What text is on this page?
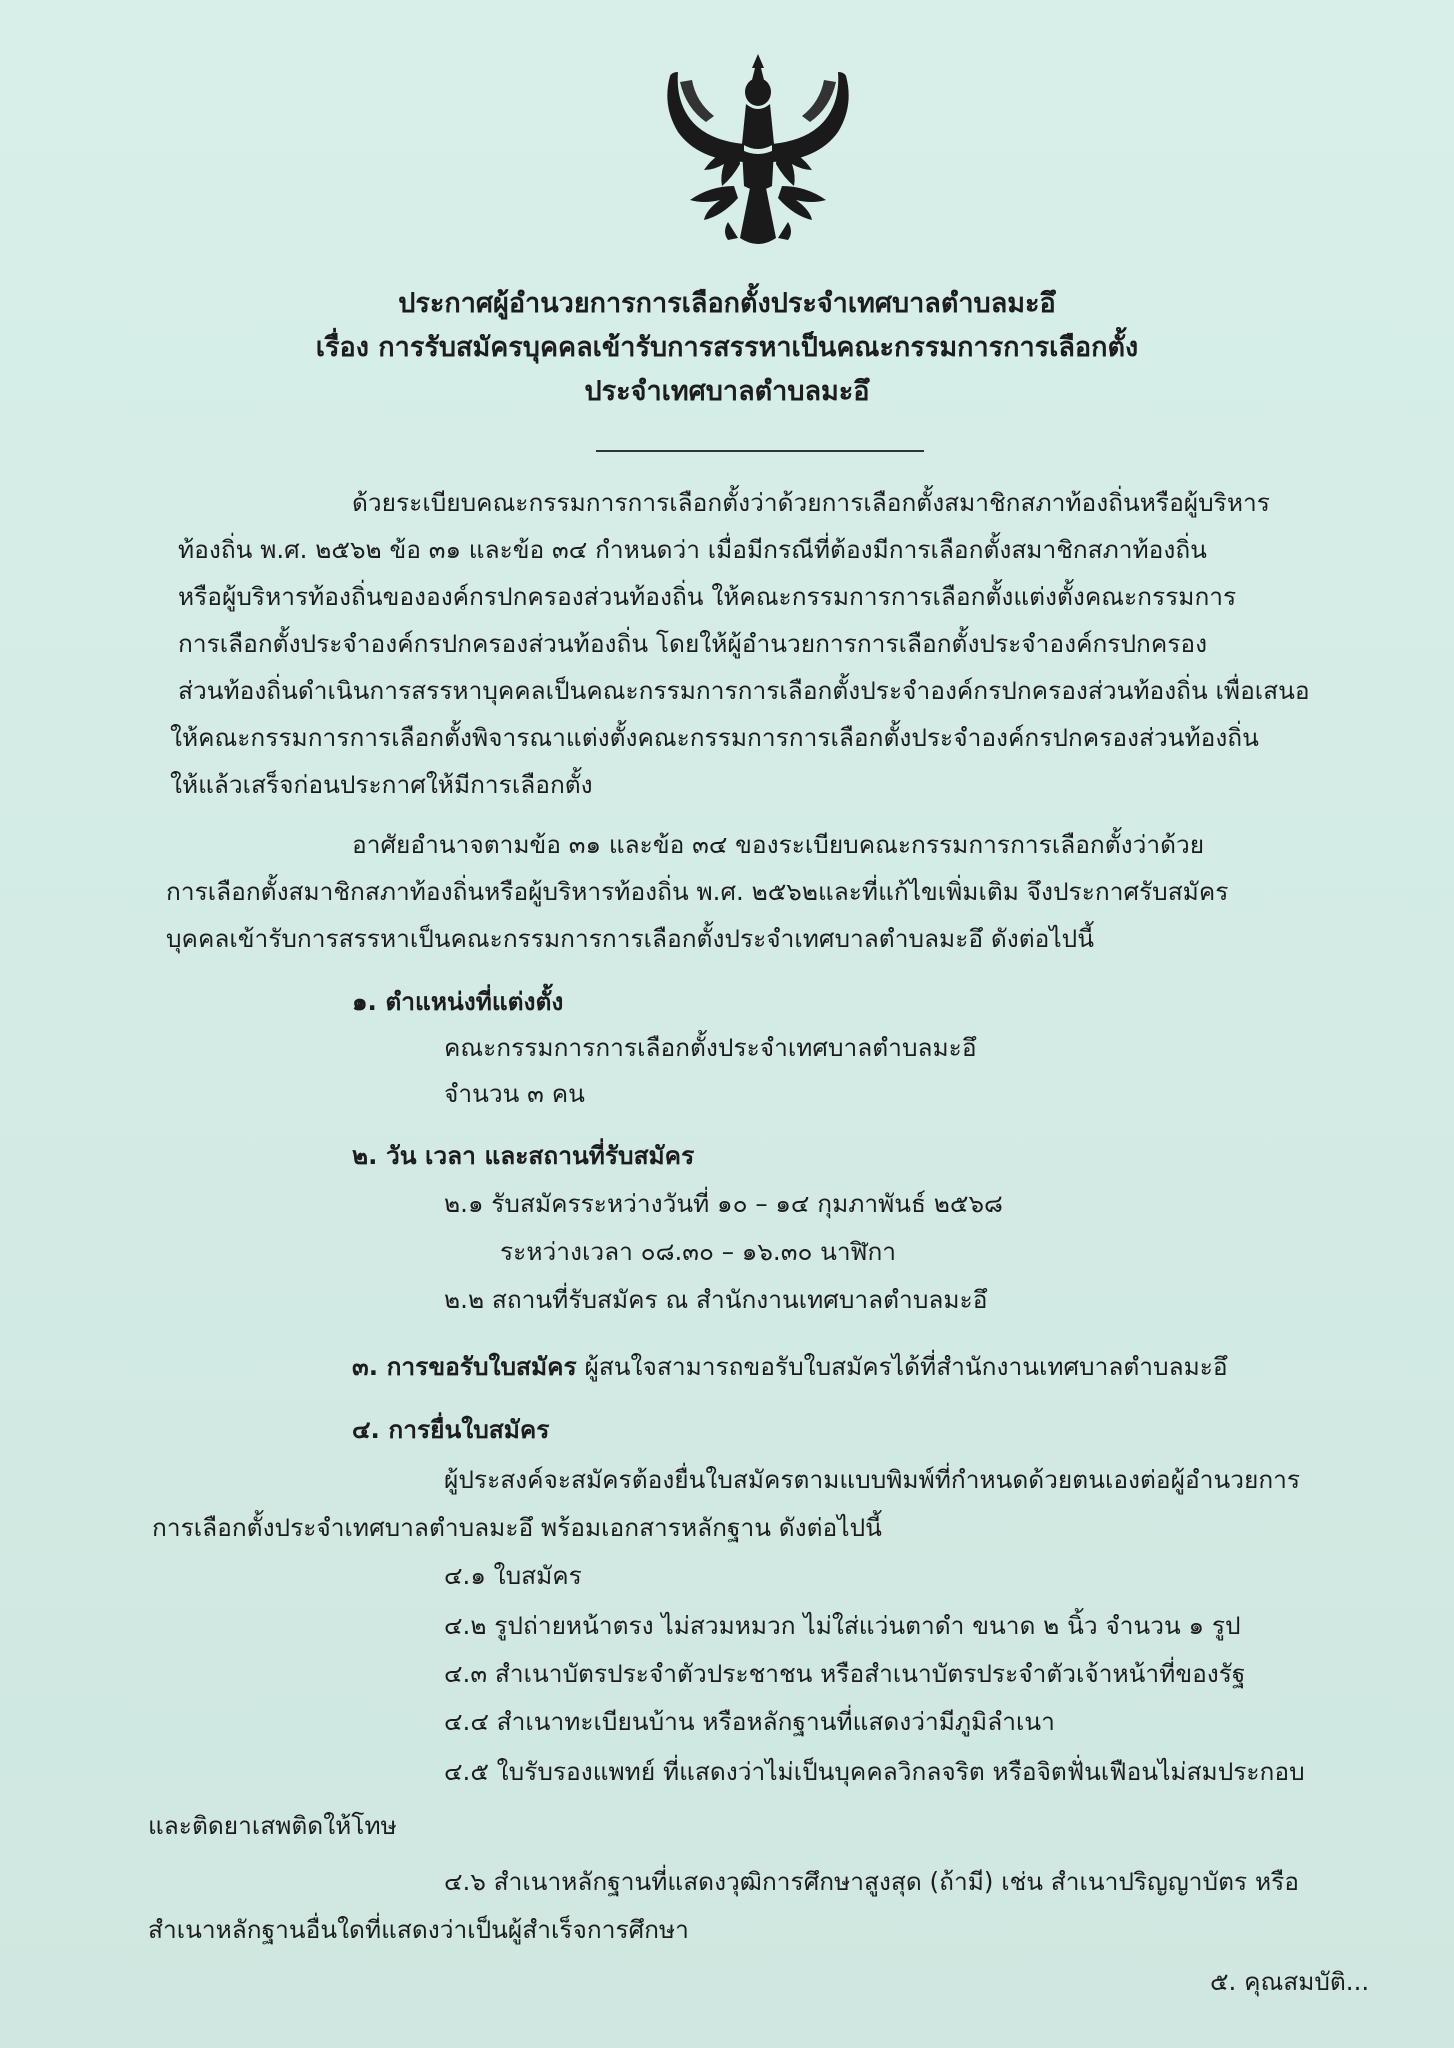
ประกาศผู้อำนวยการการเลือกตั้งประจำเทศบาลตำบลมะอึ
เรื่อง การรับสมัครบุคคลเข้ารับการสรรหาเป็นคณะกรรมการการเลือกตั้ง
ประจำเทศบาลตำบลมะอึ
ด้วยระเบียบคณะกรรมการการเลือกตั้งว่าด้วยการเลือกตั้งสมาชิกสภาท้องถิ่นหรือผู้บริหาร
ท้องถิ่น พ.ศ. ๒๕๖๒ ข้อ ๓๑ และข้อ ๓๔ กำหนดว่า เมื่อมีกรณีที่ต้องมีการเลือกตั้งสมาชิกสภาท้องถิ่น
หรือผู้บริหารท้องถิ่นขององค์กรปกครองส่วนท้องถิ่น ให้คณะกรรมการการเลือกตั้งแต่งตั้งคณะกรรมการ
การเลือกตั้งประจำองค์กรปกครองส่วนท้องถิ่น โดยให้ผู้อำนวยการการเลือกตั้งประจำองค์กรปกครอง
ส่วนท้องถิ่นดำเนินการสรรหาบุคคลเป็นคณะกรรมการการเลือกตั้งประจำองค์กรปกครองส่วนท้องถิ่น เพื่อเสนอ
ให้คณะกรรมการการเลือกตั้งพิจารณาแต่งตั้งคณะกรรมการการเลือกตั้งประจำองค์กรปกครองส่วนท้องถิ่น
ให้แล้วเสร็จก่อนประกาศให้มีการเลือกตั้ง
อาศัยอำนาจตามข้อ ๓๑ และข้อ ๓๔ ของระเบียบคณะกรรมการการเลือกตั้งว่าด้วย
การเลือกตั้งสมาชิกสภาท้องถิ่นหรือผู้บริหารท้องถิ่น พ.ศ. ๒๕๖๒และที่แก้ไขเพิ่มเติม จึงประกาศรับสมัคร
บุคคลเข้ารับการสรรหาเป็นคณะกรรมการการเลือกตั้งประจำเทศบาลตำบลมะอึ ดังต่อไปนี้
๑. ตำแหน่งที่แต่งตั้ง
คณะกรรมการการเลือกตั้งประจำเทศบาลตำบลมะอึ
จำนวน ๓ คน
๒. วัน เวลา และสถานที่รับสมัคร
๒.๑ รับสมัครระหว่างวันที่ ๑๐ – ๑๔ กุมภาพันธ์ ๒๕๖๘
ระหว่างเวลา ๐๘.๓๐ – ๑๖.๓๐ นาฬิกา
๒.๒ สถานที่รับสมัคร ณ สำนักงานเทศบาลตำบลมะอึ
๓. การขอรับใบสมัคร ผู้สนใจสามารถขอรับใบสมัครได้ที่สำนักงานเทศบาลตำบลมะอึ
๔. การยื่นใบสมัคร
ผู้ประสงค์จะสมัครต้องยื่นใบสมัครตามแบบพิมพ์ที่กำหนดด้วยตนเองต่อผู้อำนวยการ
การเลือกตั้งประจำเทศบาลตำบลมะอึ พร้อมเอกสารหลักฐาน ดังต่อไปนี้
๔.๑ ใบสมัคร
๔.๒ รูปถ่ายหน้าตรง ไม่สวมหมวก ไม่ใส่แว่นตาดำ ขนาด ๒ นิ้ว จำนวน ๑ รูป
๔.๓ สำเนาบัตรประจำตัวประชาชน หรือสำเนาบัตรประจำตัวเจ้าหน้าที่ของรัฐ
๔.๔ สำเนาทะเบียนบ้าน หรือหลักฐานที่แสดงว่ามีภูมิลำเนา
๔.๕ ใบรับรองแพทย์ ที่แสดงว่าไม่เป็นบุคคลวิกลจริต หรือจิตฟั่นเฟือนไม่สมประกอบ
และติดยาเสพติดให้โทษ
๔.๖ สำเนาหลักฐานที่แสดงวุฒิการศึกษาสูงสุด (ถ้ามี) เช่น สำเนาปริญญาบัตร หรือ
สำเนาหลักฐานอื่นใดที่แสดงว่าเป็นผู้สำเร็จการศึกษา
๕. คุณสมบัติ...
